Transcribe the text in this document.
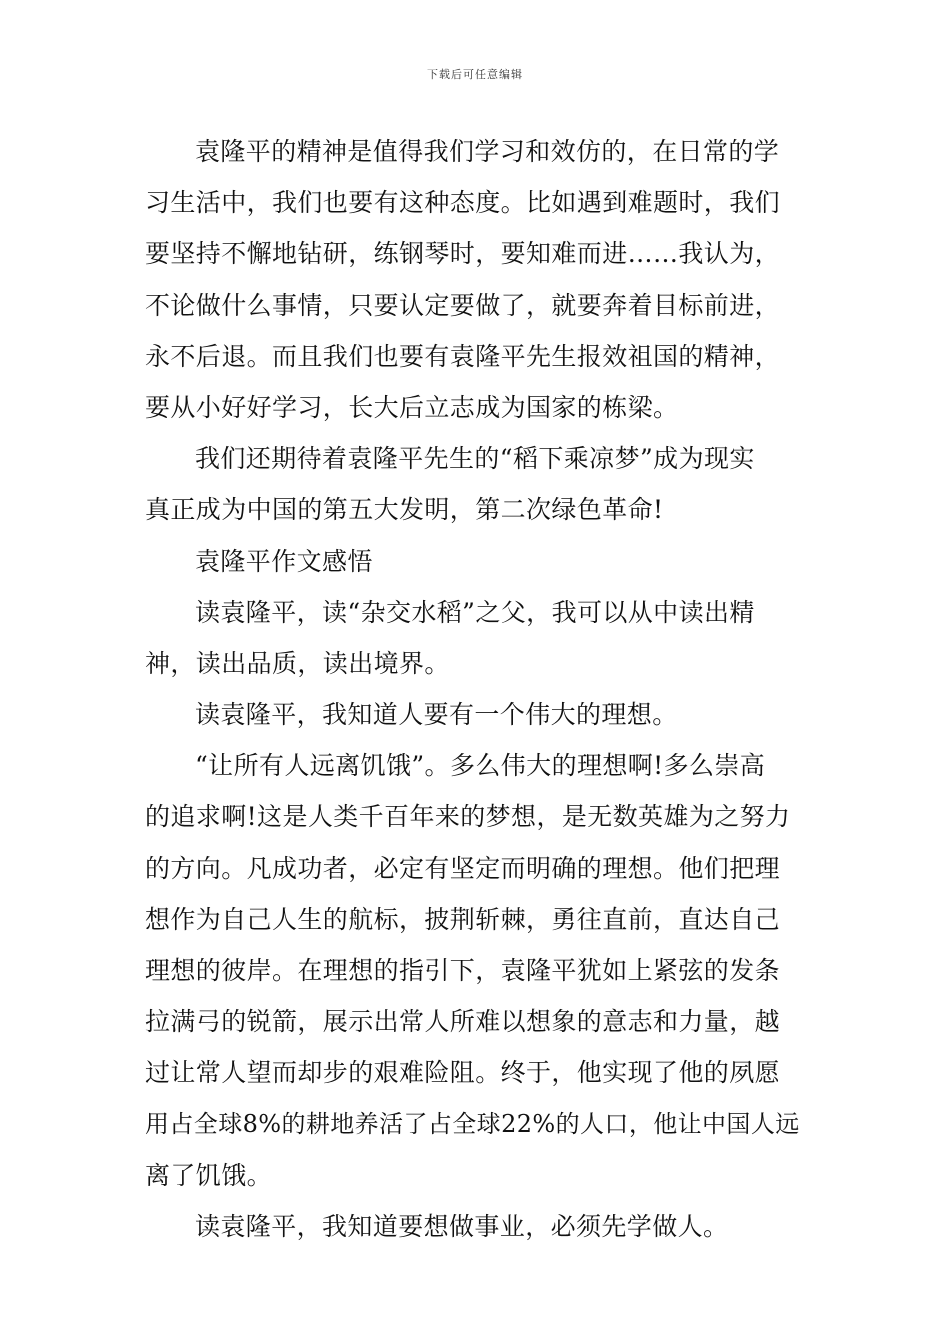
下载后可任意编辑
袁隆平的精神是值得我们学习和效仿的，在日常的学
习生活中，我们也要有这种态度。比如遇到难题时，我们
要坚持不懈地钻研，练钢琴时，要知难而进……我认为，
不论做什么事情，只要认定要做了，就要奔着目标前进，
永不后退。而且我们也要有袁隆平先生报效祖国的精神，
要从小好好学习，长大后立志成为国家的栋梁。
我们还期待着袁隆平先生的“稻下乘凉梦”成为现实
真正成为中国的第五大发明，第二次绿色革命!
袁隆平作文感悟
读袁隆平，读“杂交水稻”之父，我可以从中读出精
神，读出品质，读出境界。
读袁隆平，我知道人要有一个伟大的理想。
“让所有人远离饥饿”。多么伟大的理想啊!多么崇高
的追求啊!这是人类千百年来的梦想，是无数英雄为之努力
的方向。凡成功者，必定有坚定而明确的理想。他们把理
想作为自己人生的航标，披荆斩棘，勇往直前，直达自己
理想的彼岸。在理想的指引下，袁隆平犹如上紧弦的发条
拉满弓的锐箭，展示出常人所难以想象的意志和力量，越
过让常人望而却步的艰难险阻。终于，他实现了他的夙愿
用占全球8%的耕地养活了占全球22%的人口，他让中国人远
离了饥饿。
读袁隆平，我知道要想做事业，必须先学做人。
